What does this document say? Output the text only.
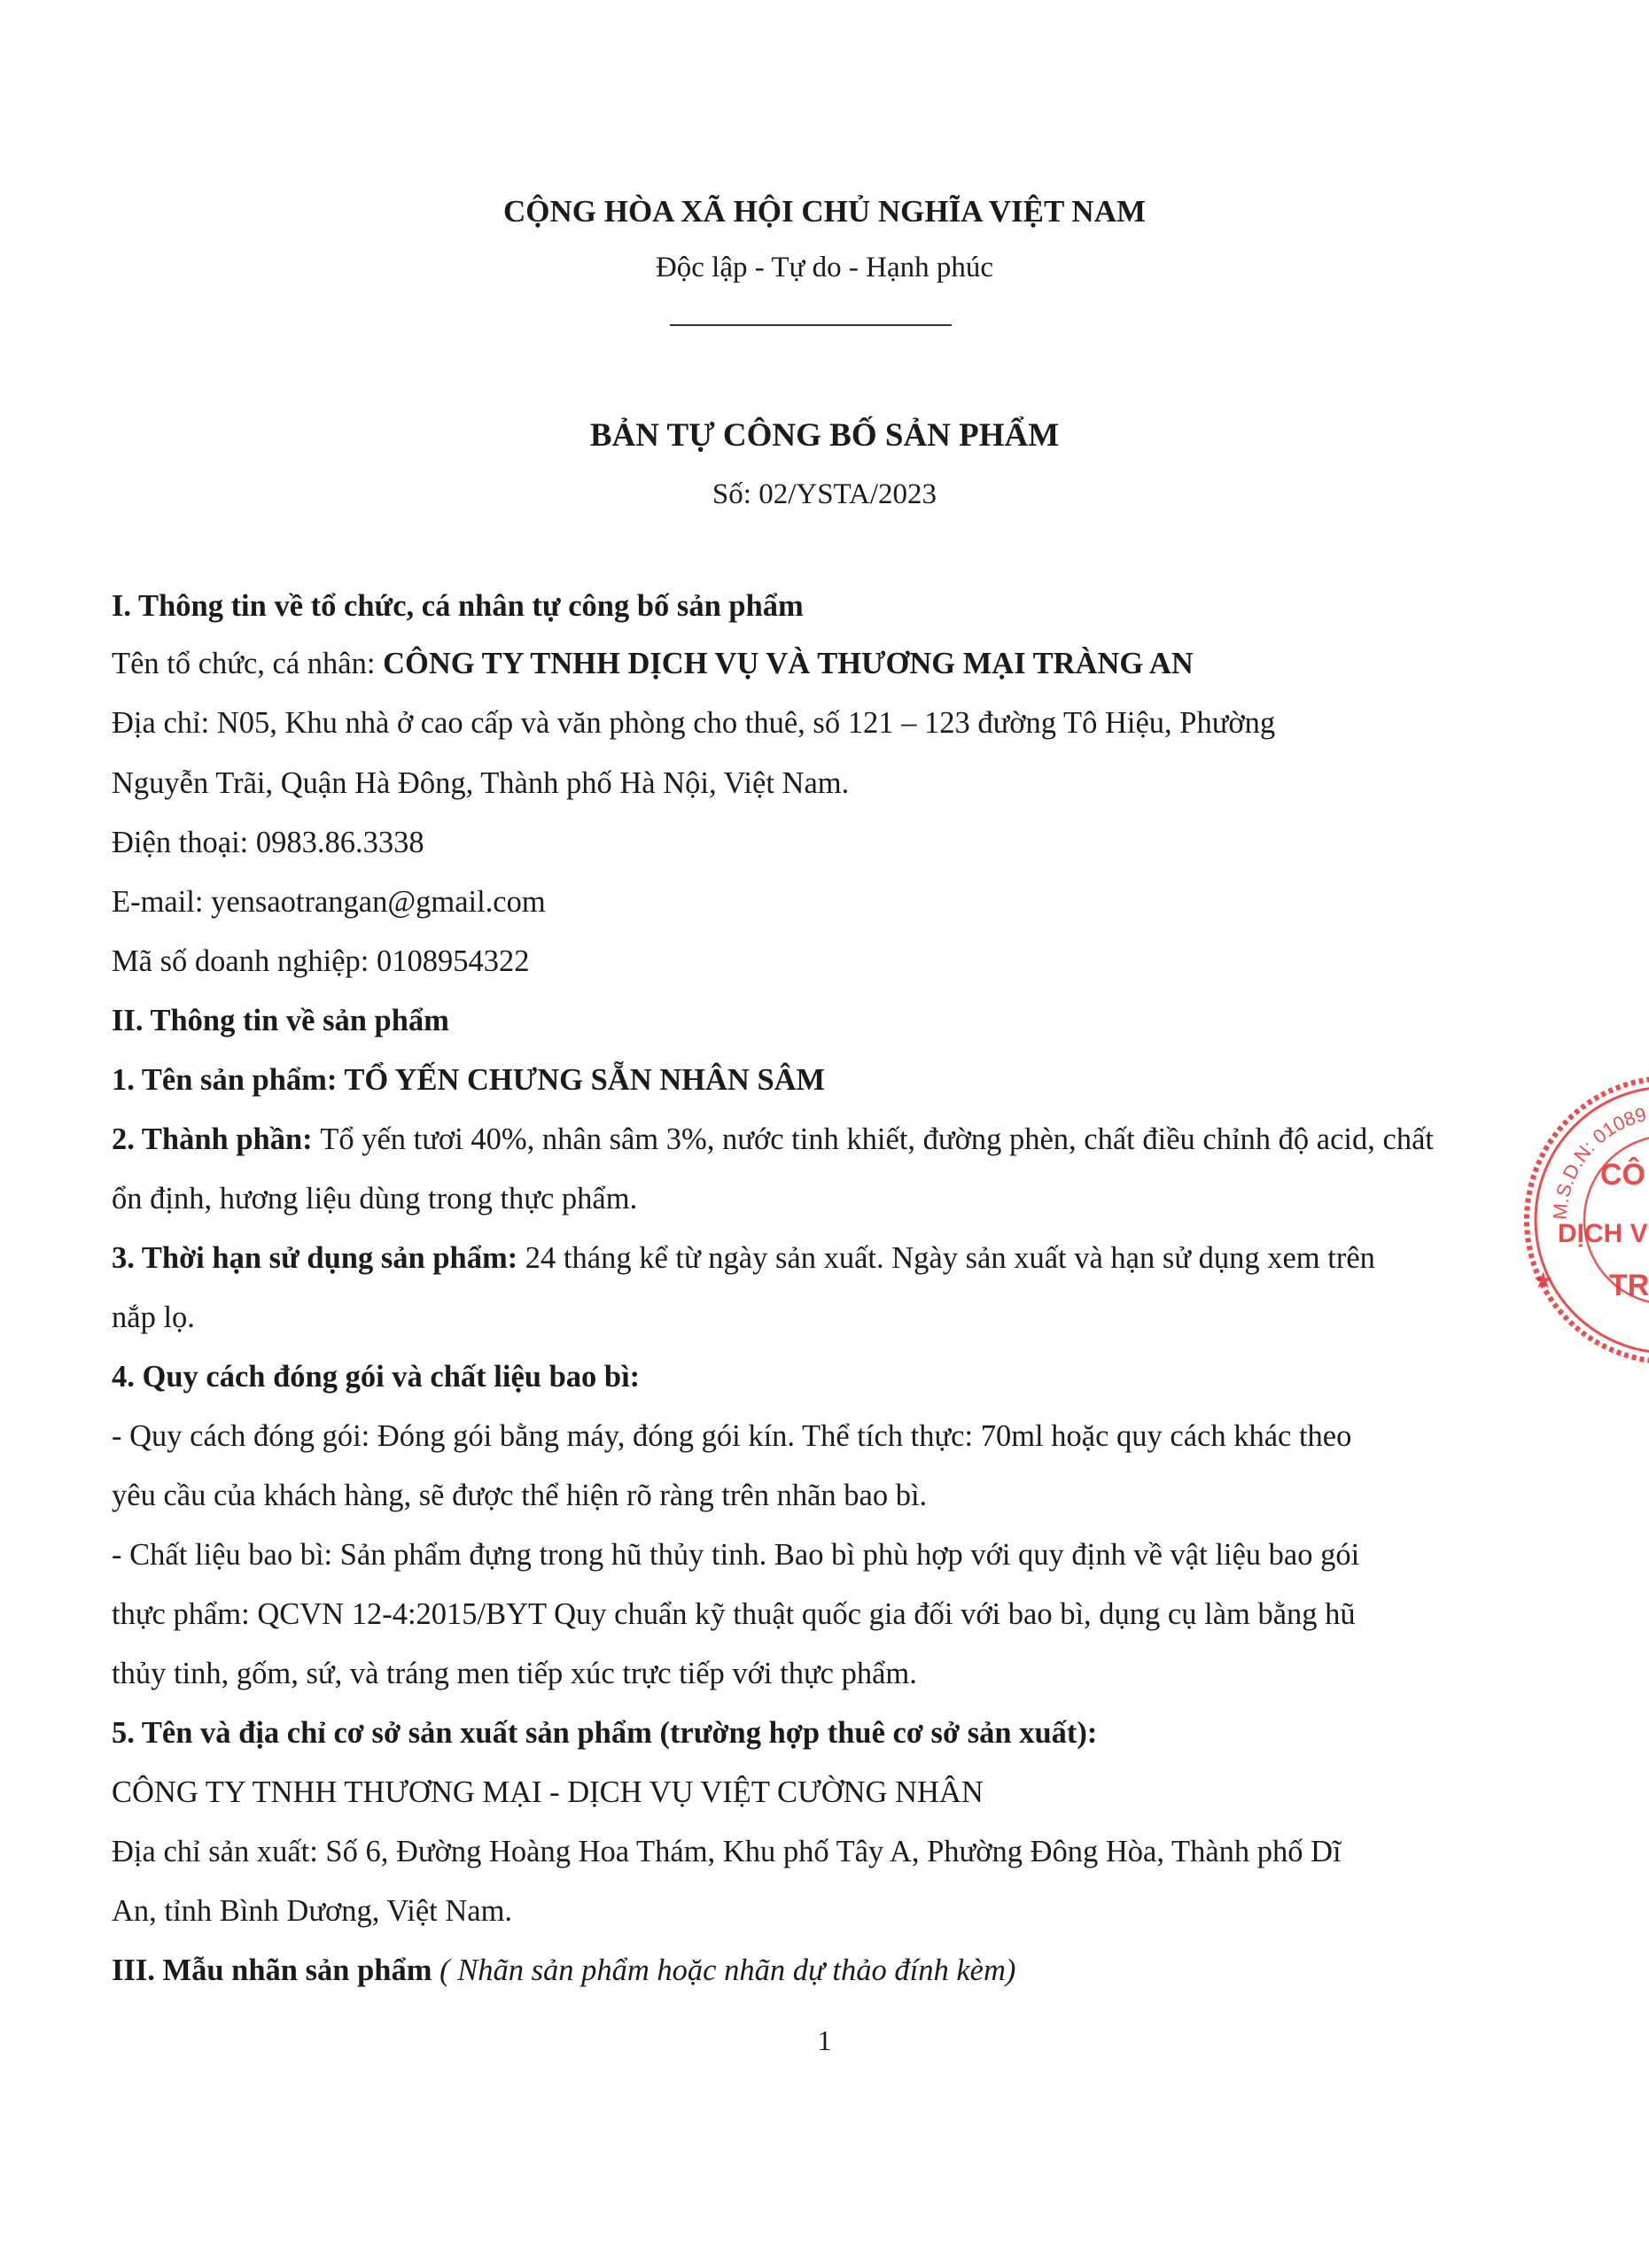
CỘNG HÒA XÃ HỘI CHỦ NGHĨA VIỆT NAM
Độc lập - Tự do - Hạnh phúc
BẢN TỰ CÔNG BỐ SẢN PHẨM
Số: 02/YSTA/2023
I. Thông tin về tổ chức, cá nhân tự công bố sản phẩm
Tên tổ chức, cá nhân: CÔNG TY TNHH DỊCH VỤ VÀ THƯƠNG MẠI TRÀNG AN
Địa chỉ: N05, Khu nhà ở cao cấp và văn phòng cho thuê, số 121 – 123 đường Tô Hiệu, Phường
Nguyễn Trãi, Quận Hà Đông, Thành phố Hà Nội, Việt Nam.
Điện thoại: 0983.86.3338
E-mail: yensaotrangan@gmail.com
Mã số doanh nghiệp: 0108954322
II. Thông tin về sản phẩm
1. Tên sản phẩm: TỔ YẾN CHƯNG SẴN NHÂN SÂM
2. Thành phần: Tổ yến tươi 40%, nhân sâm 3%, nước tinh khiết, đường phèn, chất điều chỉnh độ acid, chất
ổn định, hương liệu dùng trong thực phẩm.
3. Thời hạn sử dụng sản phẩm: 24 tháng kể từ ngày sản xuất. Ngày sản xuất và hạn sử dụng xem trên
nắp lọ.
4. Quy cách đóng gói và chất liệu bao bì:
- Quy cách đóng gói: Đóng gói bằng máy, đóng gói kín. Thể tích thực: 70ml hoặc quy cách khác theo
yêu cầu của khách hàng, sẽ được thể hiện rõ ràng trên nhãn bao bì.
- Chất liệu bao bì: Sản phẩm đựng trong hũ thủy tinh. Bao bì phù hợp với quy định về vật liệu bao gói
thực phẩm: QCVN 12-4:2015/BYT Quy chuẩn kỹ thuật quốc gia đối với bao bì, dụng cụ làm bằng hũ
thủy tinh, gốm, sứ, và tráng men tiếp xúc trực tiếp với thực phẩm.
5. Tên và địa chỉ cơ sở sản xuất sản phẩm (trường hợp thuê cơ sở sản xuất):
CÔNG TY TNHH THƯƠNG MẠI - DỊCH VỤ VIỆT CƯỜNG NHÂN
Địa chỉ sản xuất: Số 6, Đường Hoàng Hoa Thám, Khu phố Tây A, Phường Đông Hòa, Thành phố Dĩ
An, tỉnh Bình Dương, Việt Nam.
III. Mẫu nhãn sản phẩm ( Nhãn sản phẩm hoặc nhãn dự thảo đính kèm)
1
M.S.D.N: 01089
CÔ
DỊCH V
TR
★
